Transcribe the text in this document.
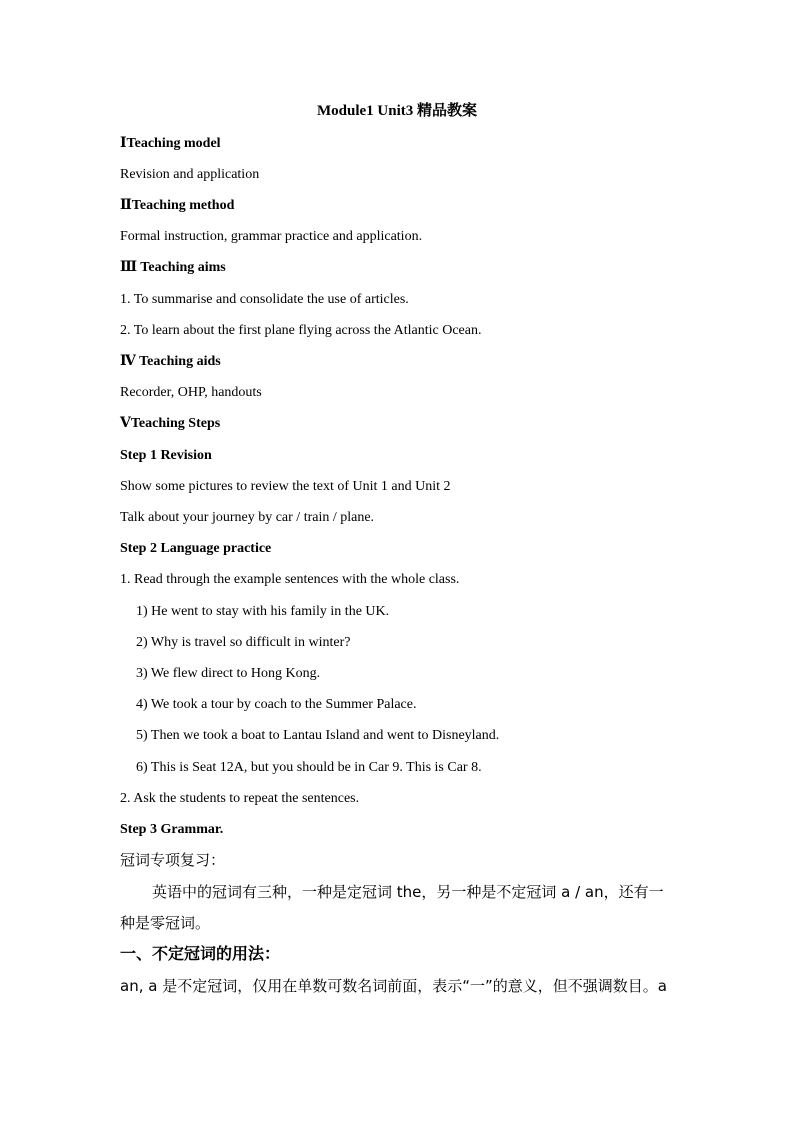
Module1 Unit3 精品教案
ⅠTeaching model
Revision and application
ⅡTeaching method
Formal instruction, grammar practice and application.
Ⅲ Teaching aims
1. To summarise and consolidate the use of articles.
2. To learn about the first plane flying across the Atlantic Ocean.
Ⅳ Teaching aids
Recorder, OHP, handouts
ⅤTeaching Steps
Step 1 Revision
Show some pictures to review the text of Unit 1 and Unit 2
Talk about your journey by car / train / plane.
Step 2 Language practice
1. Read through the example sentences with the whole class.
1) He went to stay with his family in the UK.
2) Why is travel so difficult in winter?
3) We flew direct to Hong Kong.
4) We took a tour by coach to the Summer Palace.
5) Then we took a boat to Lantau Island and went to Disneyland.
6) This is Seat 12A, but you should be in Car 9. This is Car 8.
2. Ask the students to repeat the sentences.
Step 3 Grammar.
冠词专项复习：
英语中的冠词有三种，一种是定冠词 the，另一种是不定冠词 a / an，还有一
种是零冠词。
一、不定冠词的用法：
an, a 是不定冠词，仅用在单数可数名词前面，表示“一”的意义，但不强调数目。a
